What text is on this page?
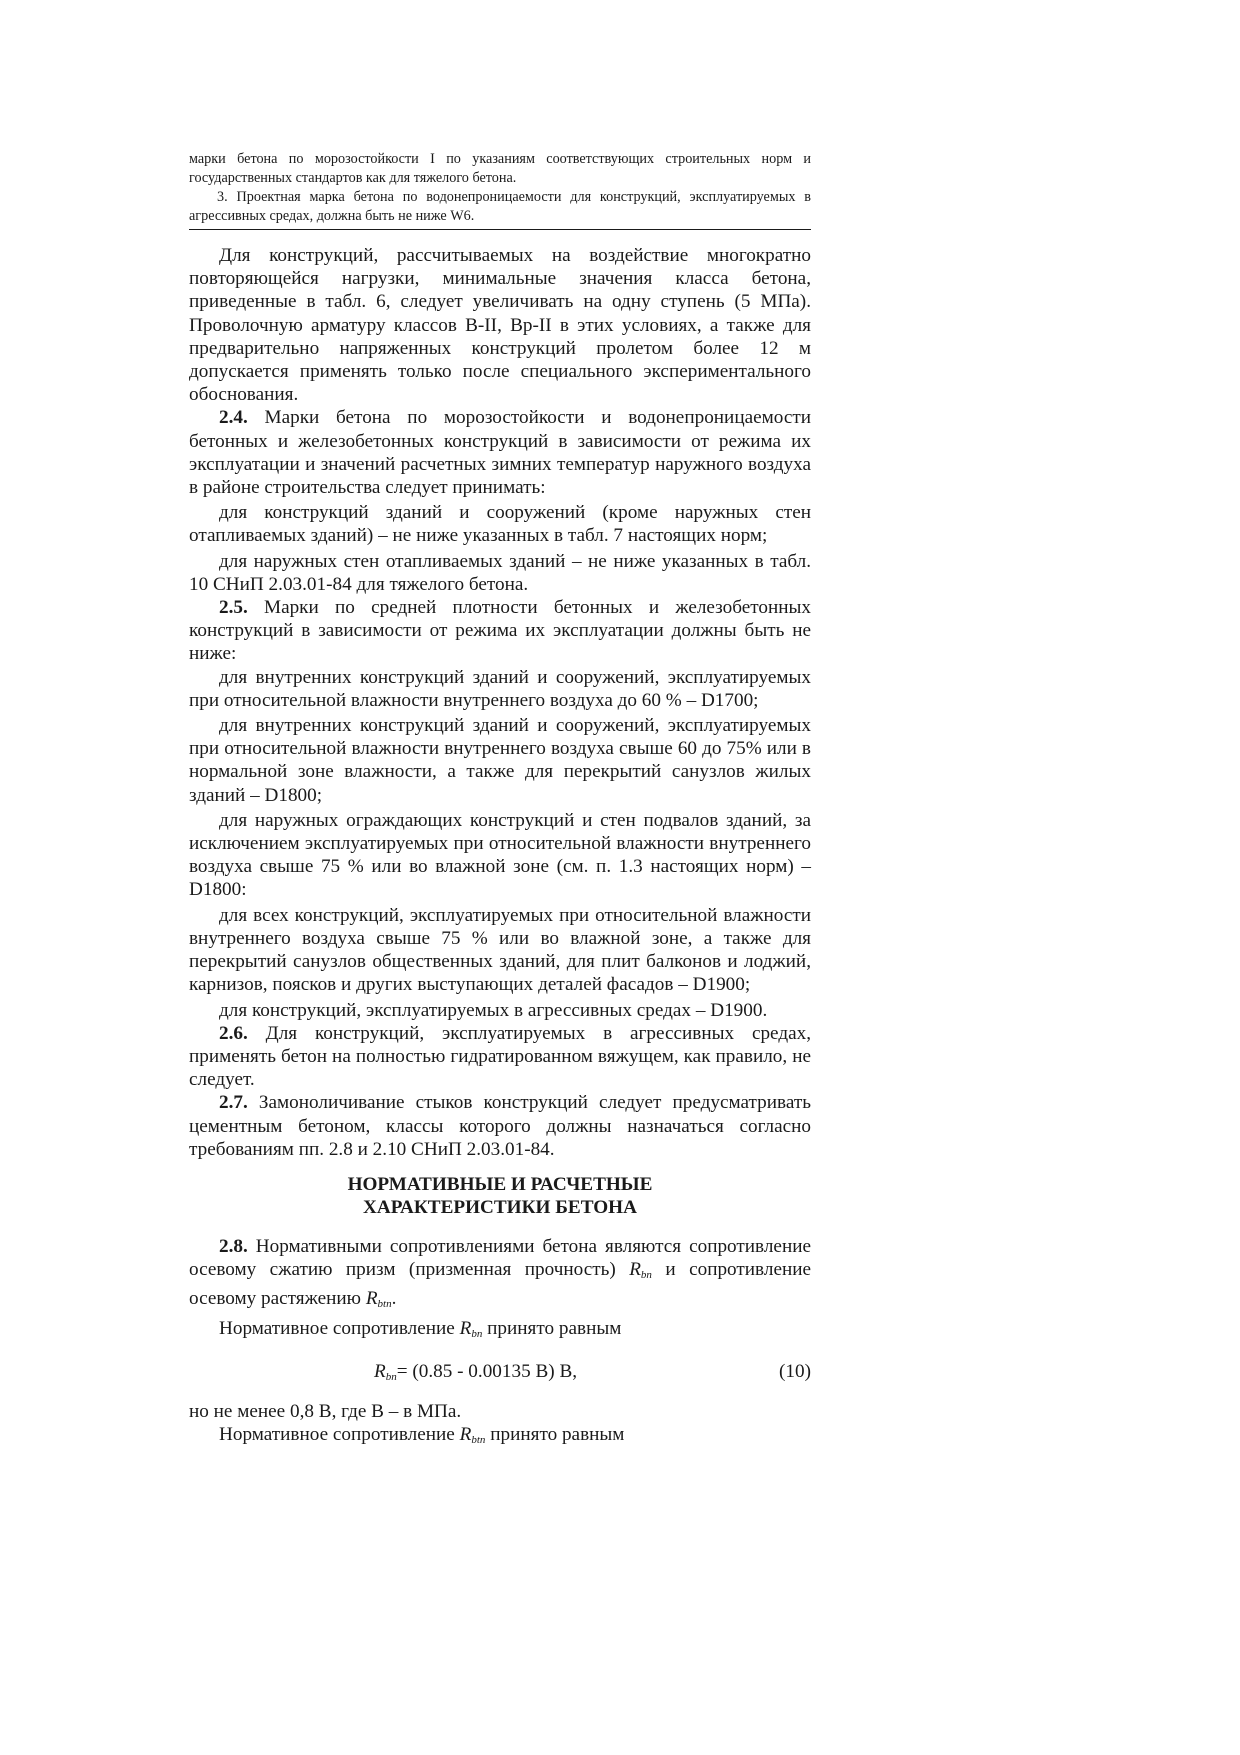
марки бетона по морозостойкости I по указаниям соответствующих строительных норм и государственных стандартов как для тяжелого бетона.

3. Проектная марка бетона по водонепроницаемости для конструкций, эксплуатируемых в агрессивных средах, должна быть не ниже W6.

Для конструкций, рассчитываемых на воздействие многократно повторяющейся нагрузки, минимальные значения класса бетона, приведенные в табл. 6, следует увеличивать на одну ступень (5 МПа). Проволочную арматуру классов В-II, Вр-II в этих условиях, а также для предварительно напряженных конструкций пролетом более 12 м допускается применять только после специального экспериментального обоснования.

2.4. Марки бетона по морозостойкости и водонепроницаемости бетонных и железобетонных конструкций в зависимости от режима их эксплуатации и значений расчетных зимних температур наружного воздуха в районе строительства следует принимать:

для конструкций зданий и сооружений (кроме наружных стен отапливаемых зданий) – не ниже указанных в табл. 7 настоящих норм;

для наружных стен отапливаемых зданий – не ниже указанных в табл. 10 СНиП 2.03.01-84 для тяжелого бетона.

2.5. Марки по средней плотности бетонных и железобетонных конструкций в зависимости от режима их эксплуатации должны быть не ниже:

для внутренних конструкций зданий и сооружений, эксплуатируемых при относительной влажности внутреннего воздуха до 60 % – D1700;

для внутренних конструкций зданий и сооружений, эксплуатируемых при относительной влажности внутреннего воздуха свыше 60 до 75% или в нормальной зоне влажности, а также для перекрытий санузлов жилых зданий – D1800;

для наружных ограждающих конструкций и стен подвалов зданий, за исключением эксплуатируемых при относительной влажности внутреннего воздуха свыше 75 % или во влажной зоне (см. п. 1.3 настоящих норм) – D1800:

для всех конструкций, эксплуатируемых при относительной влажности внутреннего воздуха свыше 75 % или во влажной зоне, а также для перекрытий санузлов общественных зданий, для плит балконов и лоджий, карнизов, поясков и других выступающих деталей фасадов – D1900;

для конструкций, эксплуатируемых в агрессивных средах – D1900.

2.6. Для конструкций, эксплуатируемых в агрессивных средах, применять бетон на полностью гидратированном вяжущем, как правило, не следует.

2.7. Замоноличивание стыков конструкций следует предусматривать цементным бетоном, классы которого должны назначаться согласно требованиям пп. 2.8 и 2.10 СНиП 2.03.01-84.

НОРМАТИВНЫЕ И РАСЧЕТНЫЕ
ХАРАКТЕРИСТИКИ БЕТОНА

2.8. Нормативными сопротивлениями бетона являются сопротивление осевому сжатию призм (призменная прочность) $R_{bn}$ и сопротивление осевому растяжению $R_{btn}$.

Нормативное сопротивление $R_{bn}$ принято равным

$R_{bn}= (0.85 - 0.00135$ B) B,	(10)

но не менее 0,8 В, где В – в МПа.

Нормативное сопротивление $R_{btn}$ принято равным
